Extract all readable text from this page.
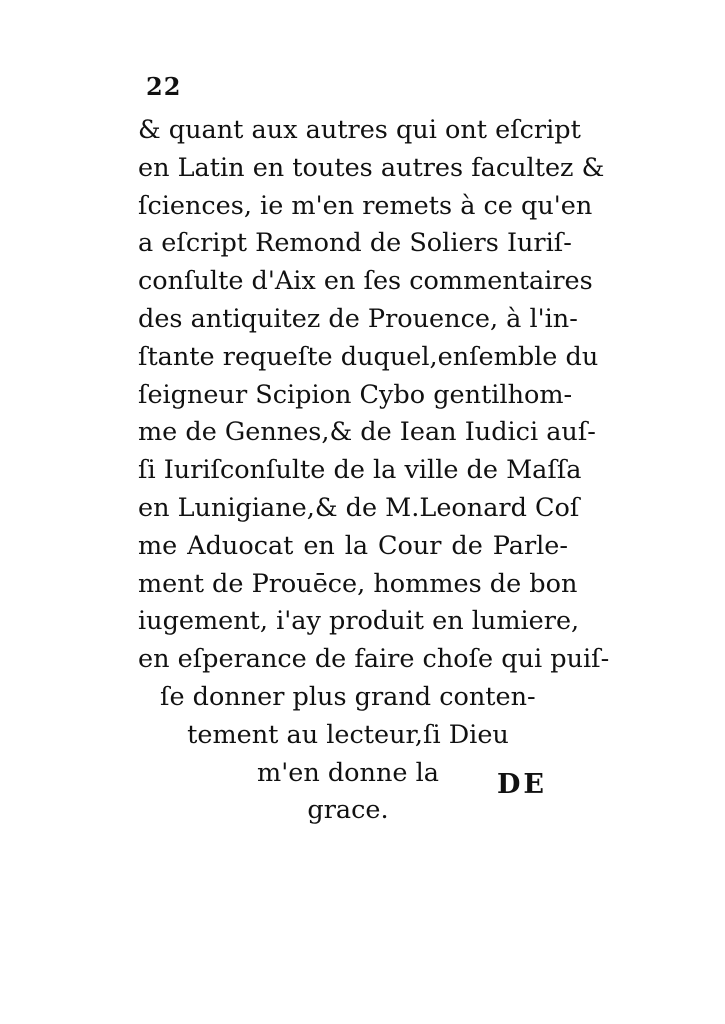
22
& quant aux autres qui ont eſcript
en Latin en toutes autres facultez &
ſciences, ie m'en remets à ce qu'en
a eſcript Remond de Soliers Iuriſ-
conſulte d'Aix en ſes commentaires
des antiquitez de Prouence, à l'in-
ſtante requeſte duquel,enſemble du
ſeigneur Scipion Cybo gentilhom-
me de Gennes,& de Iean Iudici auſ-
ſi Iuriſconſulte de la ville de Maſſa
en Lunigiane,& de M.Leonard Coſ
me Aduocat en la Cour de Parle-
ment de Prouēce, hommes de bon
iugement, i'ay produit en lumiere,
en eſperance de faire choſe qui puiſ-
ſe donner plus grand conten-
tement au lecteur,ſi Dieu
m'en donne la
grace.
DE
